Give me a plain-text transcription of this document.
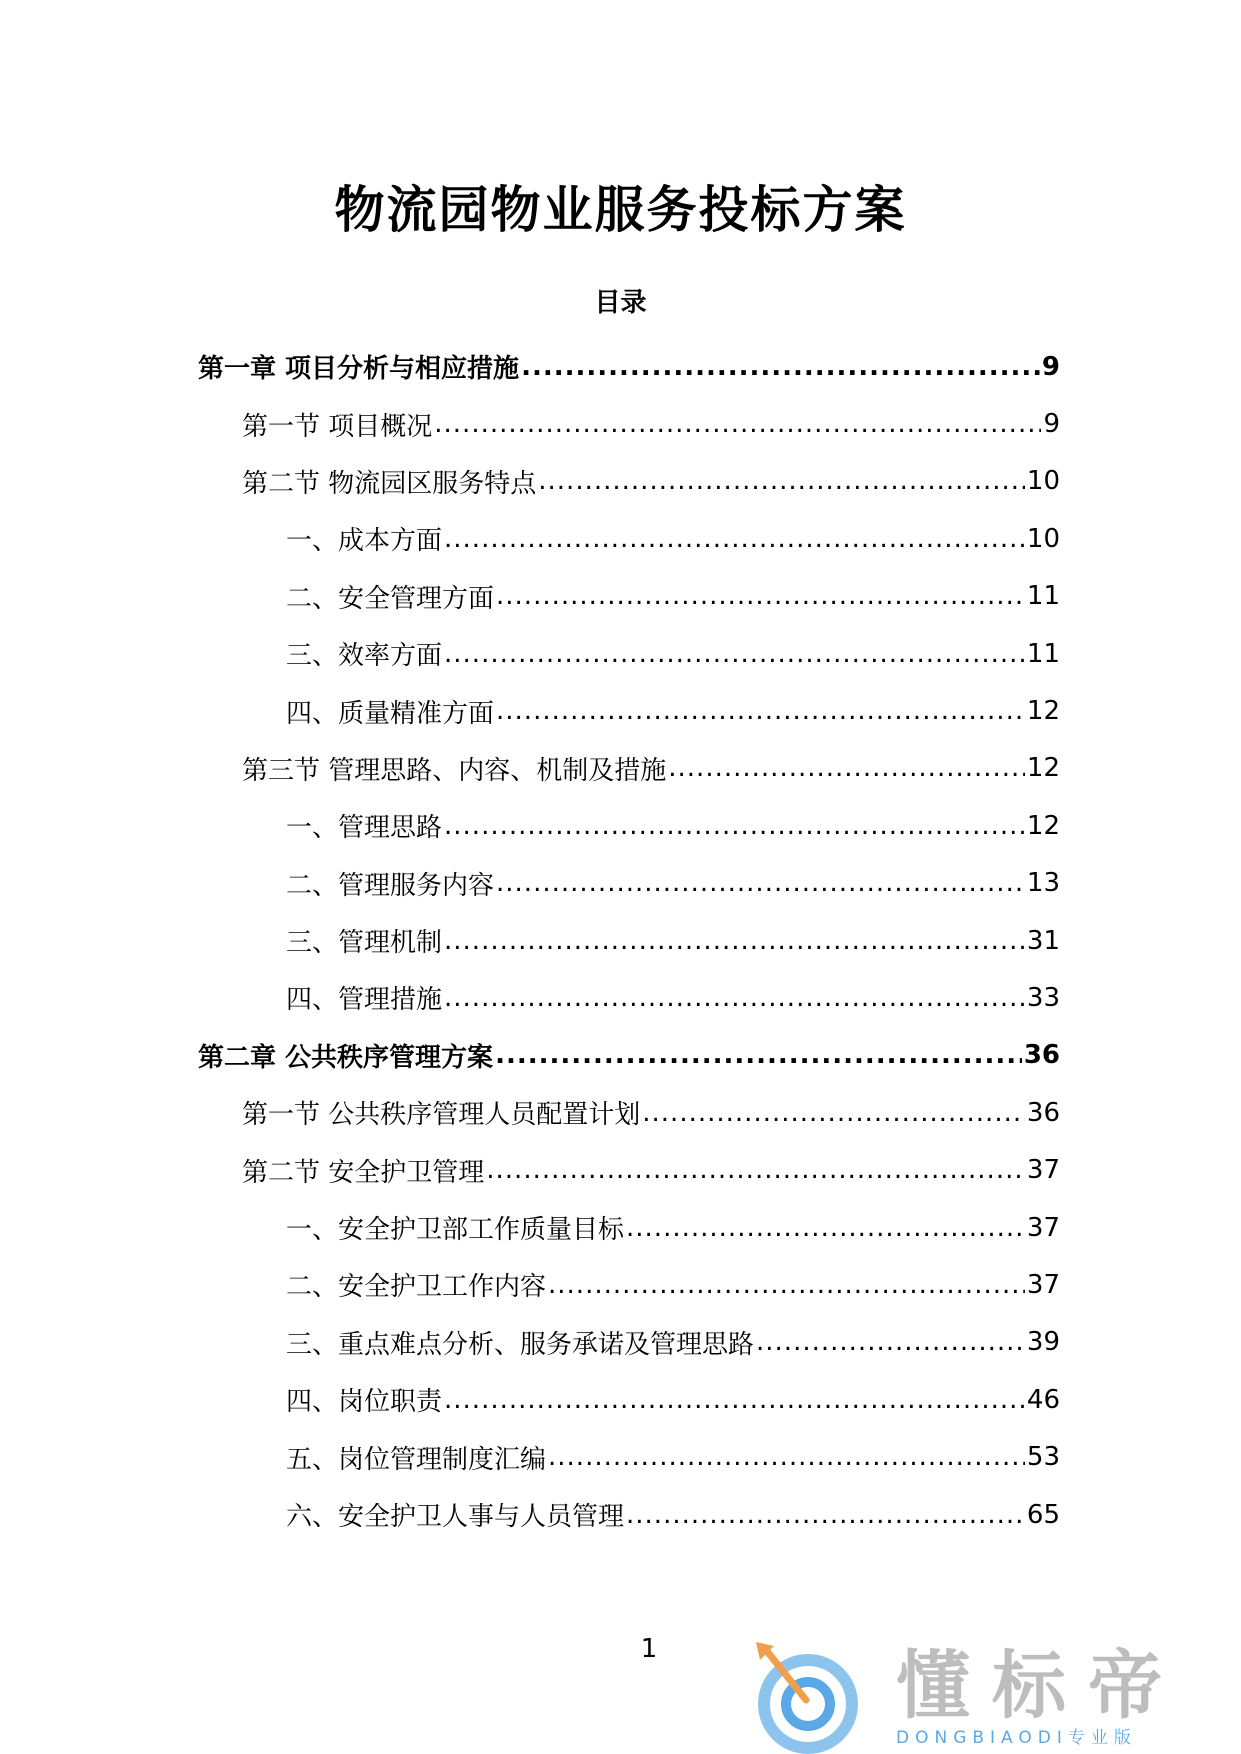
物流园物业服务投标方案
目录
第一章 项目分析与相应措施 .....	9
第一节 项目概况 .....	9
第二节 物流园区服务特点 .....	10
一、成本方面 .....	10
二、安全管理方面 .....	11
三、效率方面 .....	11
四、质量精准方面 .....	12
第三节 管理思路、内容、机制及措施 .....	12
一、管理思路 .....	12
二、管理服务内容 .....	13
三、管理机制 .....	31
四、管理措施 .....	33
第二章 公共秩序管理方案 .....	36
第一节 公共秩序管理人员配置计划 .....	36
第二节 安全护卫管理 .....	37
一、安全护卫部工作质量目标 .....	37
二、安全护卫工作内容 .....	37
三、重点难点分析、服务承诺及管理思路 .....	39
四、岗位职责 .....	46
五、岗位管理制度汇编 .....	53
六、安全护卫人事与人员管理 .....	65
1	懂标帝
DONGBIAODI专业版
